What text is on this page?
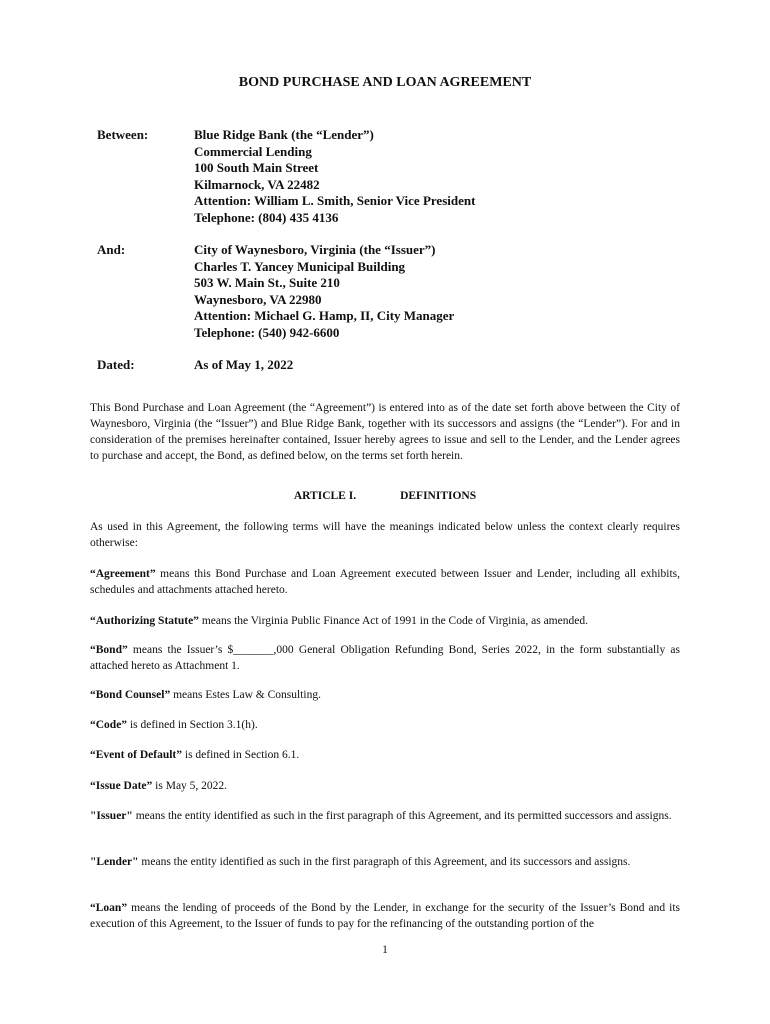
BOND PURCHASE AND LOAN AGREEMENT
Between:	Blue Ridge Bank (the “Lender”)
Commercial Lending
100 South Main Street
Kilmarnock, VA 22482
Attention: William L. Smith, Senior Vice President
Telephone: (804) 435 4136
And:	City of Waynesboro, Virginia (the “Issuer”)
Charles T. Yancey Municipal Building
503 W. Main St., Suite 210
Waynesboro, VA 22980
Attention: Michael G. Hamp, II, City Manager
Telephone: (540) 942-6600
Dated:	As of May 1, 2022
This Bond Purchase and Loan Agreement (the “Agreement”) is entered into as of the date set forth above between the City of Waynesboro, Virginia (the “Issuer”) and Blue Ridge Bank, together with its successors and assigns (the “Lender”). For and in consideration of the premises hereinafter contained, Issuer hereby agrees to issue and sell to the Lender, and the Lender agrees to purchase and accept, the Bond, as defined below, on the terms set forth herein.
ARTICLE I.	DEFINITIONS
As used in this Agreement, the following terms will have the meanings indicated below unless the context clearly requires otherwise:
“Agreement” means this Bond Purchase and Loan Agreement executed between Issuer and Lender, including all exhibits, schedules and attachments attached hereto.
“Authorizing Statute” means the Virginia Public Finance Act of 1991 in the Code of Virginia, as amended.
“Bond” means the Issuer’s $_______,000 General Obligation Refunding Bond, Series 2022, in the form substantially as attached hereto as Attachment 1.
“Bond Counsel” means Estes Law & Consulting.
“Code” is defined in Section 3.1(h).
“Event of Default” is defined in Section 6.1.
“Issue Date” is May 5, 2022.
"Issuer" means the entity identified as such in the first paragraph of this Agreement, and its permitted successors and assigns.
"Lender" means the entity identified as such in the first paragraph of this Agreement, and its successors and assigns.
“Loan” means the lending of proceeds of the Bond by the Lender, in exchange for the security of the Issuer’s Bond and its execution of this Agreement, to the Issuer of funds to pay for the refinancing of the outstanding portion of the
1
